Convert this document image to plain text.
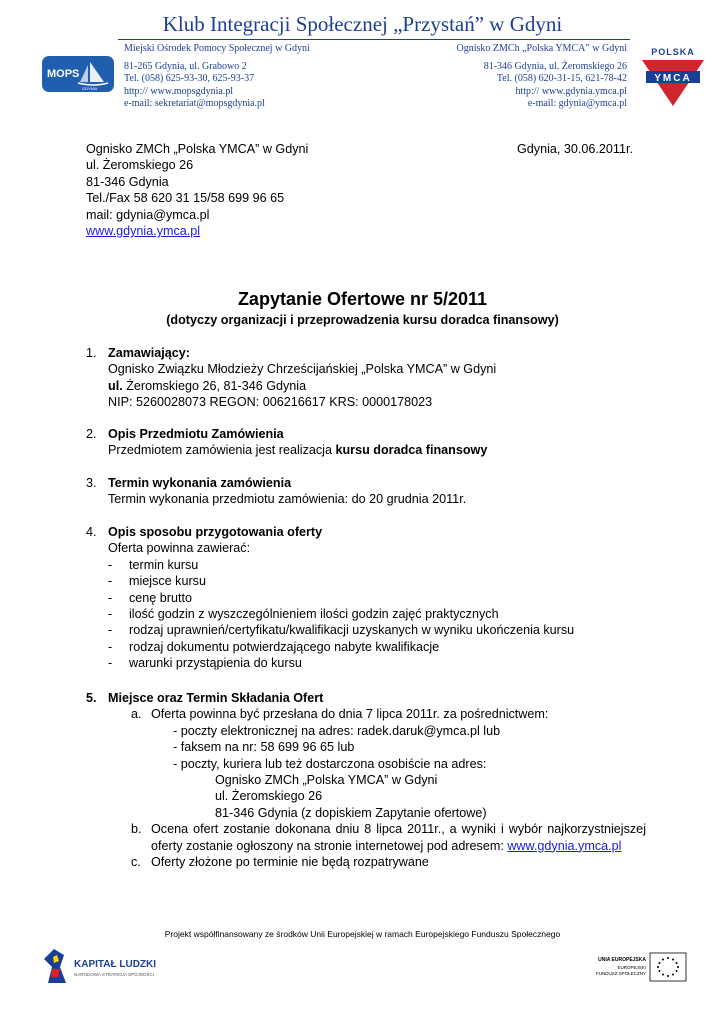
Klub Integracji Społecznej „Przystań” w Gdyni
Miejski Ośrodek Pomocy Społecznej w Gdyni
81-265 Gdynia, ul. Grabowo 2
Tel. (058) 625-93-30, 625-93-37
http:// www.mopsgdynia.pl
e-mail: sekretariat@mopsgdynia.pl
Ognisko ZMCh „Polska YMCA” w Gdyni
81-346 Gdynia, ul. Żeromskiego 26
Tel. (058) 620-31-15, 621-78-42
http:// www.gdynia.ymca.pl
e-mail: gdynia@ymca.pl
MOPS
GDYNIA
POLSKA
YMCA
Ognisko ZMCh „Polska YMCA” w Gdyni
ul. Żeromskiego 26
81-346 Gdynia
Tel./Fax 58 620 31 15/58 699 96 65
mail: gdynia@ymca.pl
www.gdynia.ymca.pl
Gdynia, 30.06.2011r.
Zapytanie Ofertowe nr 5/2011
(dotyczy organizacji i przeprowadzenia kursu doradca finansowy)
1. Zamawiający:
Ognisko Związku Młodzieży Chrześcijańskiej „Polska YMCA” w Gdyni
ul. Żeromskiego 26, 81-346 Gdynia
NIP: 5260028073 REGON: 006216617 KRS: 0000178023
2. Opis Przedmiotu Zamówienia
Przedmiotem zamówienia jest realizacja kursu doradca finansowy
3. Termin wykonania zamówienia
Termin wykonania przedmiotu zamówienia: do 20 grudnia 2011r.
4. Opis sposobu przygotowania oferty
Oferta powinna zawierać:
- termin kursu
- miejsce kursu
- cenę brutto
- ilość godzin z wyszczególnieniem ilości godzin zajęć praktycznych
- rodzaj uprawnień/certyfikatu/kwalifikacji uzyskanych w wyniku ukończenia kursu
- rodzaj dokumentu potwierdzającego nabyte kwalifikacje
- warunki przystąpienia do kursu
5. Miejsce oraz Termin Składania Ofert
a. Oferta powinna być przesłana do dnia 7 lipca 2011r. za pośrednictwem:
- poczty elektronicznej na adres: radek.daruk@ymca.pl lub
- faksem na nr: 58 699 96 65 lub
- poczty, kuriera lub też dostarczona osobiście na adres:
Ognisko ZMCh „Polska YMCA” w Gdyni
ul. Żeromskiego 26
81-346 Gdynia (z dopiskiem Zapytanie ofertowe)
b. Ocena ofert zostanie dokonana dniu 8 lipca 2011r., a wyniki i wybór najkorzystniejszej oferty zostanie ogłoszony na stronie internetowej pod adresem: www.gdynia.ymca.pl
c. Oferty złożone po terminie nie będą rozpatrywane
Projekt współfinansowany ze środków Unii Europejskiej w ramach Europejskiego Funduszu Społecznego
KAPITAŁ LUDZKI
NARODOWA STRATEGIA SPÓJNOŚCI
UNIA EUROPEJSKA
EUROPEJSKI
FUNDUSZ SPOŁECZNY
